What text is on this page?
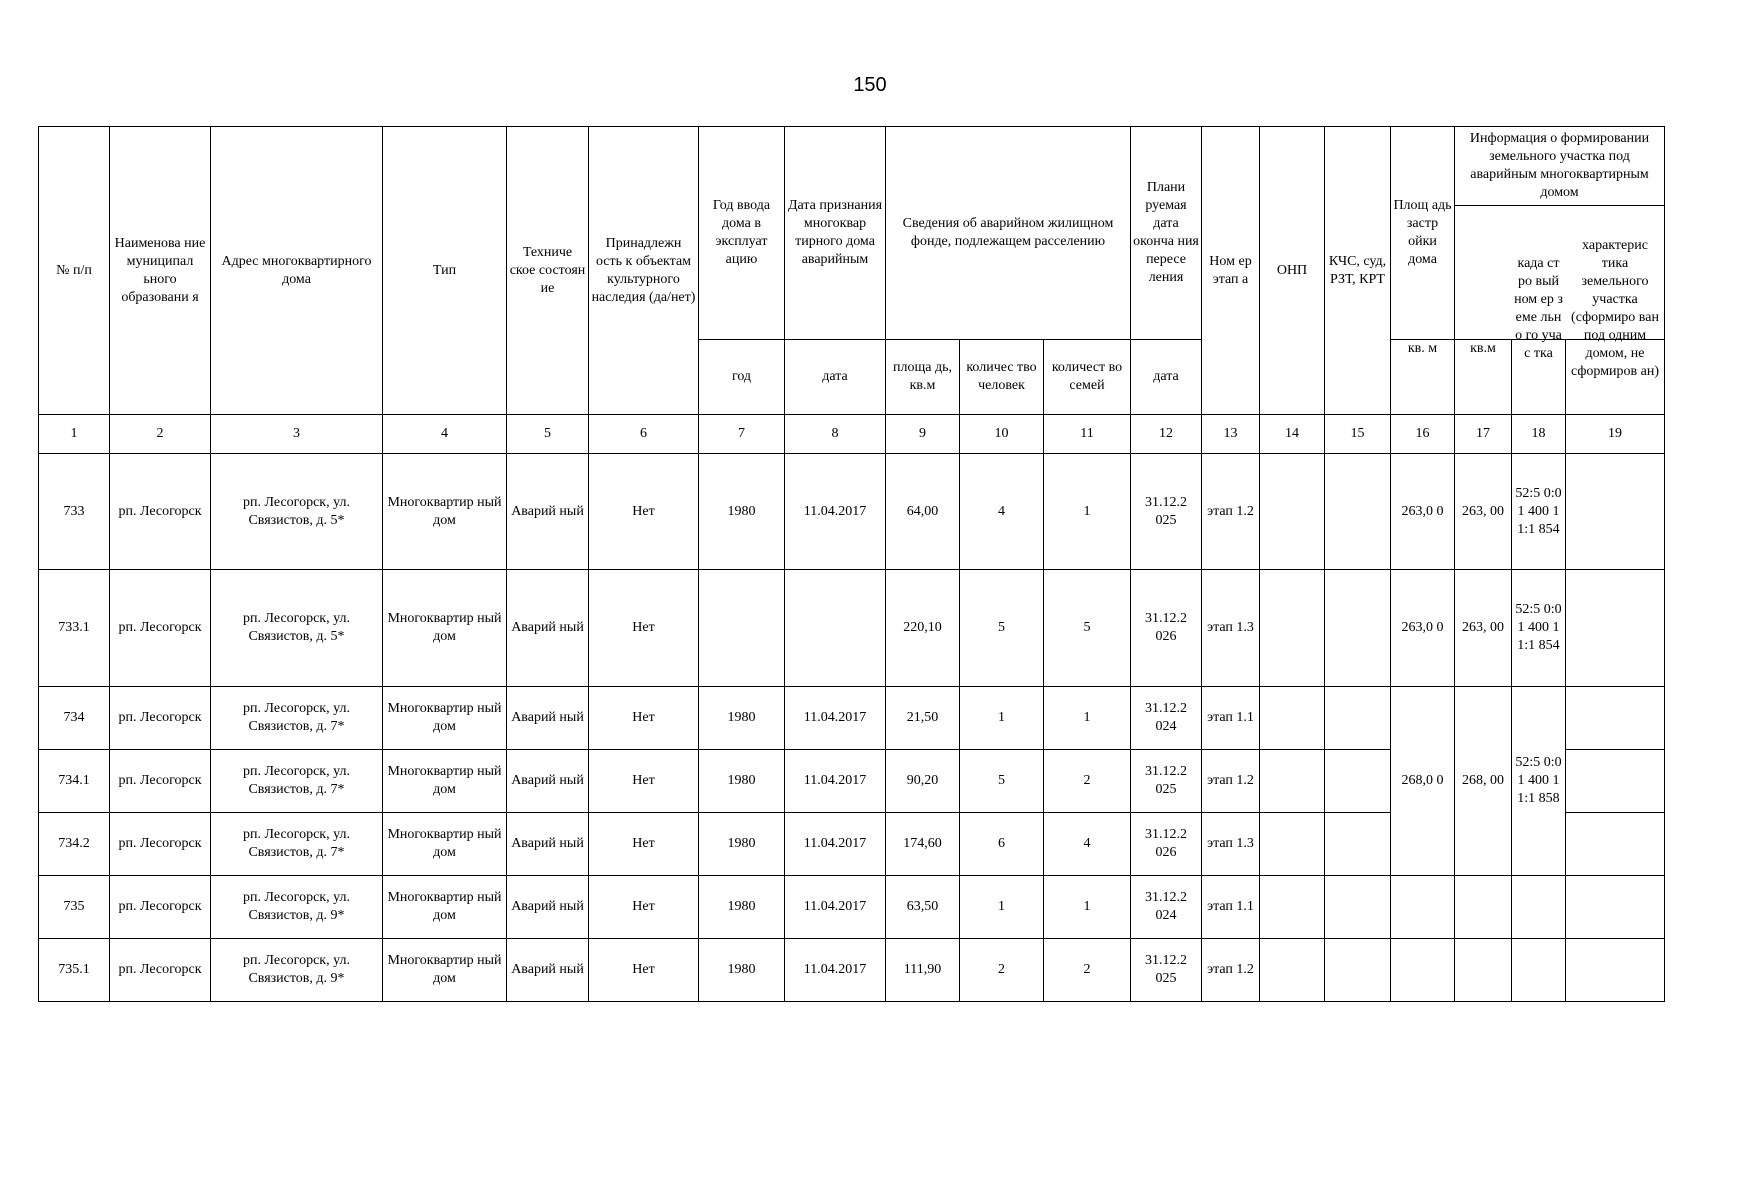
150
№ п/п	Наименова ние муниципал ьного образовани я	Адрес многоквартирного дома	Тип	Техниче ское состоян ие	Принадлежн ость к объектам культурного наследия (да/нет)	Год ввода дома в эксплуат ацию	Дата признания многоквар тирного дома аварийным	Сведения об аварийном жилищном фонде, подлежащем расселению			Плани руемая дата оконча ния пересе ления	Ном ер этап а	ОНП	КЧС, суд, РЗТ, КРТ	Площ адь застр ойки дома	Информация о формировании земельного участка под аварийным многоквартирным домом		

						год	дата	площа дь, кв.м	количес тво человек	количест во семей	дата				кв. м	кв.м	када стро вый ном ер земе льно го учас тка	характерис тика земельного участка (сформиро ван под одним домом, не сформиров ан)

1	2	3	4	5	6	7	8	9	10	11	12	13	14	15	16	17	18	19
733	рп. Лесогорск	рп. Лесогорск, ул. Связистов, д. 5*	Многоквартир ный дом	Аварий ный	Нет	1980	11.04.2017	64,00	4	1	31.12.2 025	этап 1.2			263,0 0	263, 00	52:5 0:01 400 11:1 854	
733.1	рп. Лесогорск	рп. Лесогорск, ул. Связистов, д. 5*	Многоквартир ный дом	Аварий ный	Нет			220,10	5	5	31.12.2 026	этап 1.3			263,0 0	263, 00	52:5 0:01 400 11:1 854	
734	рп. Лесогорск	рп. Лесогорск, ул. Связистов, д. 7*	Многоквартир ный дом	Аварий ный	Нет	1980	11.04.2017	21,50	1	1	31.12.2 024	этап 1.1			268,0 0	268, 00	52:5 0:01 400 11:1 858	
734.1	рп. Лесогорск	рп. Лесогорск, ул. Связистов, д. 7*	Многоквартир ный дом	Аварий ный	Нет	1980	11.04.2017	90,20	5	2	31.12.2 025	этап 1.2						
734.2	рп. Лесогорск	рп. Лесогорск, ул. Связистов, д. 7*	Многоквартир ный дом	Аварий ный	Нет	1980	11.04.2017	174,60	6	4	31.12.2 026	этап 1.3						
735	рп. Лесогорск	рп. Лесогорск, ул. Связистов, д. 9*	Многоквартир ный дом	Аварий ный	Нет	1980	11.04.2017	63,50	1	1	31.12.2 024	этап 1.1						
735.1	рп. Лесогорск	рп. Лесогорск, ул. Связистов, д. 9*	Многоквартир ный дом	Аварий ный	Нет	1980	11.04.2017	111,90	2	2	31.12.2 025	этап 1.2						
